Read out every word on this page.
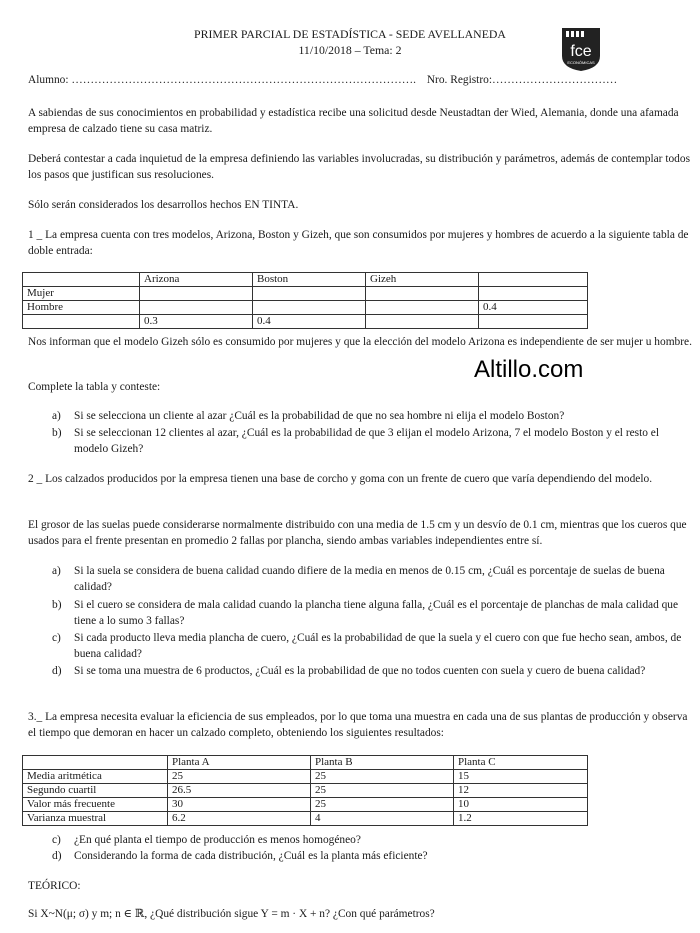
PRIMER PARCIAL DE ESTADÍSTICA - SEDE AVELLANEDA
11/10/2018 – Tema: 2	fce
ECONÓMICAS
Alumno: ………………………………………………………………………………. Nro. Registro:……………………………
A sabiendas de sus conocimientos en probabilidad y estadística recibe una solicitud desde Neustadtan der Wied, Alemania, donde una afamada empresa de calzado tiene su casa matriz.
Deberá contestar a cada inquietud de la empresa definiendo las variables involucradas, su distribución y parámetros, además de contemplar todos los pasos que justifican sus resoluciones.
Sólo serán considerados los desarrollos hechos EN TINTA.
1 _ La empresa cuenta con tres modelos, Arizona, Boston y Gizeh, que son consumidos por mujeres y hombres de acuerdo a la siguiente tabla de doble entrada:
	Arizona	Boston	Gizeh	
Mujer				
Hombre				0.4
	0.3	0.4		
Nos informan que el modelo Gizeh sólo es consumido por mujeres y que la elección del modelo Arizona es independiente de ser mujer u hombre.
Altillo.com
Complete la tabla y conteste:
a)	Si se selecciona un cliente al azar ¿Cuál es la probabilidad de que no sea hombre ni elija el modelo Boston?
b)	Si se seleccionan 12 clientes al azar, ¿Cuál es la probabilidad de que 3 elijan el modelo Arizona, 7 el modelo Boston y el resto el modelo Gizeh?
2 _ Los calzados producidos por la empresa tienen una base de corcho y goma con un frente de cuero que varía dependiendo del modelo.
El grosor de las suelas puede considerarse normalmente distribuido con una media de 1.5 cm y un desvío de 0.1 cm, mientras que los cueros que usados para el frente presentan en promedio 2 fallas por plancha, siendo ambas variables independientes entre sí.
a)	Si la suela se considera de buena calidad cuando difiere de la media en menos de 0.15 cm, ¿Cuál es porcentaje de suelas de buena calidad?
b)	Si el cuero se considera de mala calidad cuando la plancha tiene alguna falla, ¿Cuál es el porcentaje de planchas de mala calidad que tiene a lo sumo 3 fallas?
c)	Si cada producto lleva media plancha de cuero, ¿Cuál es la probabilidad de que la suela y el cuero con que fue hecho sean, ambos, de buena calidad?
d)	Si se toma una muestra de 6 productos, ¿Cuál es la probabilidad de que no todos cuenten con suela y cuero de buena calidad?
3._ La empresa necesita evaluar la eficiencia de sus empleados, por lo que toma una muestra en cada una de sus plantas de producción y observa el tiempo que demoran en hacer un calzado completo, obteniendo los siguientes resultados:
	Planta A	Planta B	Planta C
Media aritmética	25	25	15
Segundo cuartil	26.5	25	12
Valor más frecuente	30	25	10
Varianza muestral	6.2	4	1.2
c)	¿En qué planta el tiempo de producción es menos homogéneo?
d)	Considerando la forma de cada distribución, ¿Cuál es la planta más eficiente?
TEÓRICO:
Si X~N(μ; σ) y m; n ∈ ℝ, ¿Qué distribución sigue Y = m · X + n? ¿Con qué parámetros?
